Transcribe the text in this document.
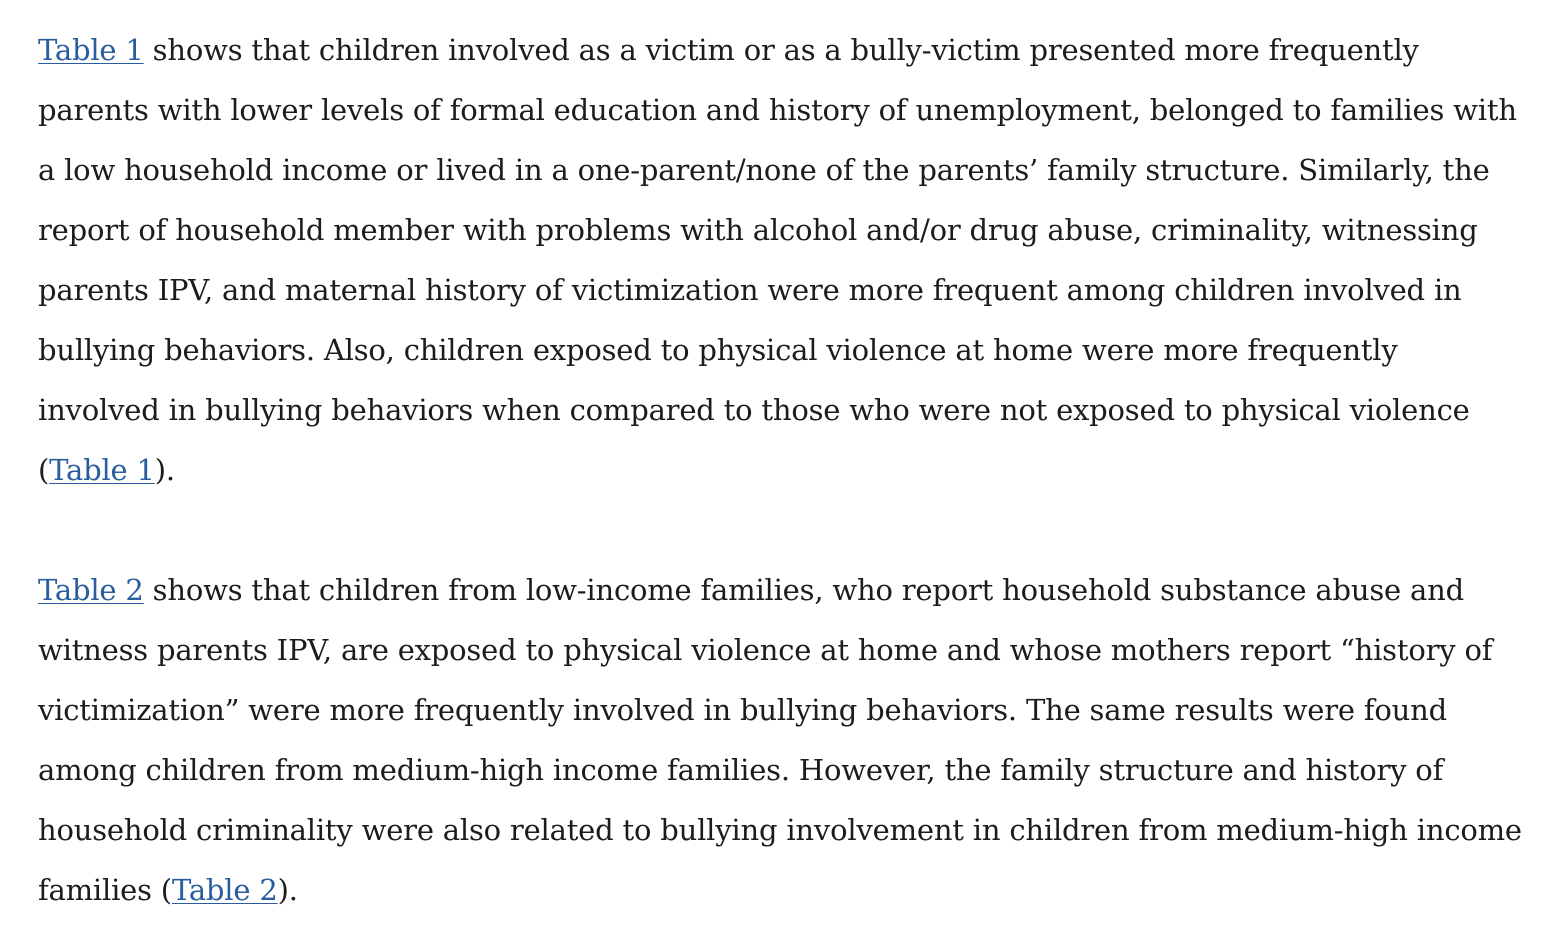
Table 1 shows that children involved as a victim or as a bully-victim presented more frequently parents with lower levels of formal education and history of unemployment, belonged to families with a low household income or lived in a one-parent/none of the parents’ family structure. Similarly, the report of household member with problems with alcohol and/or drug abuse, criminality, witnessing parents IPV, and maternal history of victimization were more frequent among children involved in bullying behaviors. Also, children exposed to physical violence at home were more frequently involved in bullying behaviors when compared to those who were not exposed to physical violence (Table 1).

Table 2 shows that children from low-income families, who report household substance abuse and witness parents IPV, are exposed to physical violence at home and whose mothers report “history of victimization” were more frequently involved in bullying behaviors. The same results were found among children from medium-high income families. However, the family structure and history of household criminality were also related to bullying involvement in children from medium-high income families (Table 2).
